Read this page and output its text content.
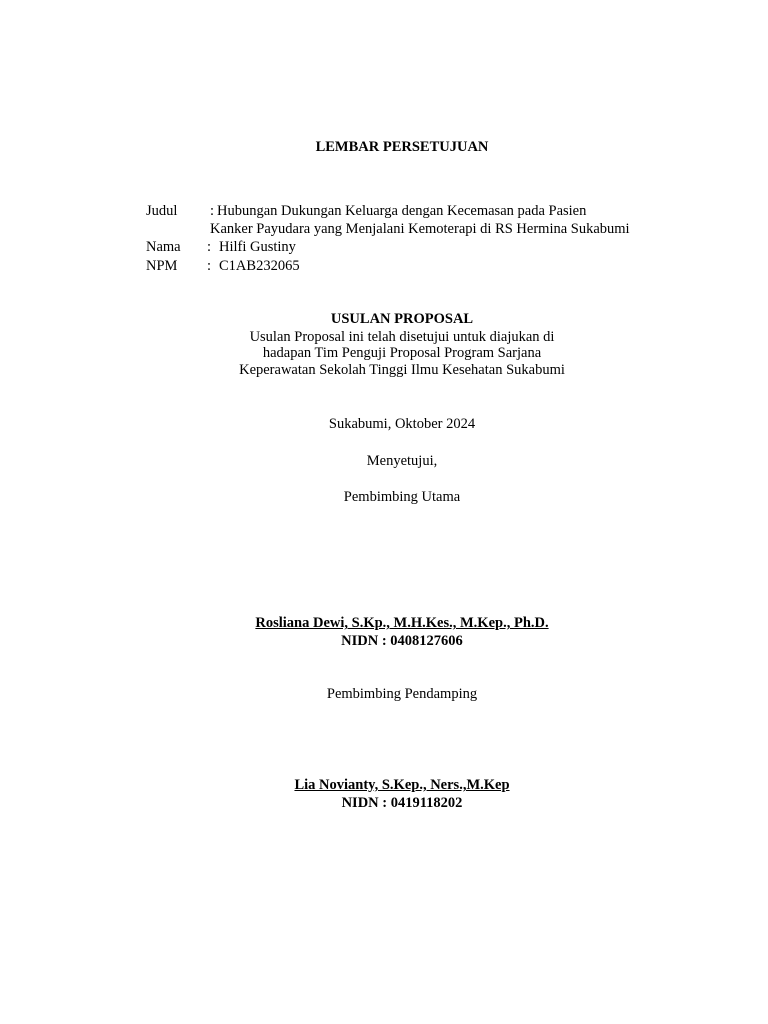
LEMBAR PERSETUJUAN
Judul : Hubungan Dukungan Keluarga dengan Kecemasan pada Pasien
Kanker Payudara yang Menjalani Kemoterapi di RS Hermina Sukabumi
Nama : Hilfi Gustiny
NPM : C1AB232065
USULAN PROPOSAL
Usulan Proposal ini telah disetujui untuk diajukan di
hadapan Tim Penguji Proposal Program Sarjana
Keperawatan Sekolah Tinggi Ilmu Kesehatan Sukabumi
Sukabumi, Oktober 2024
Menyetujui,
Pembimbing Utama
Rosliana Dewi, S.Kp., M.H.Kes., M.Kep., Ph.D.
NIDN : 0408127606
Pembimbing Pendamping
Lia Novianty, S.Kep., Ners.,M.Kep
NIDN : 0419118202
